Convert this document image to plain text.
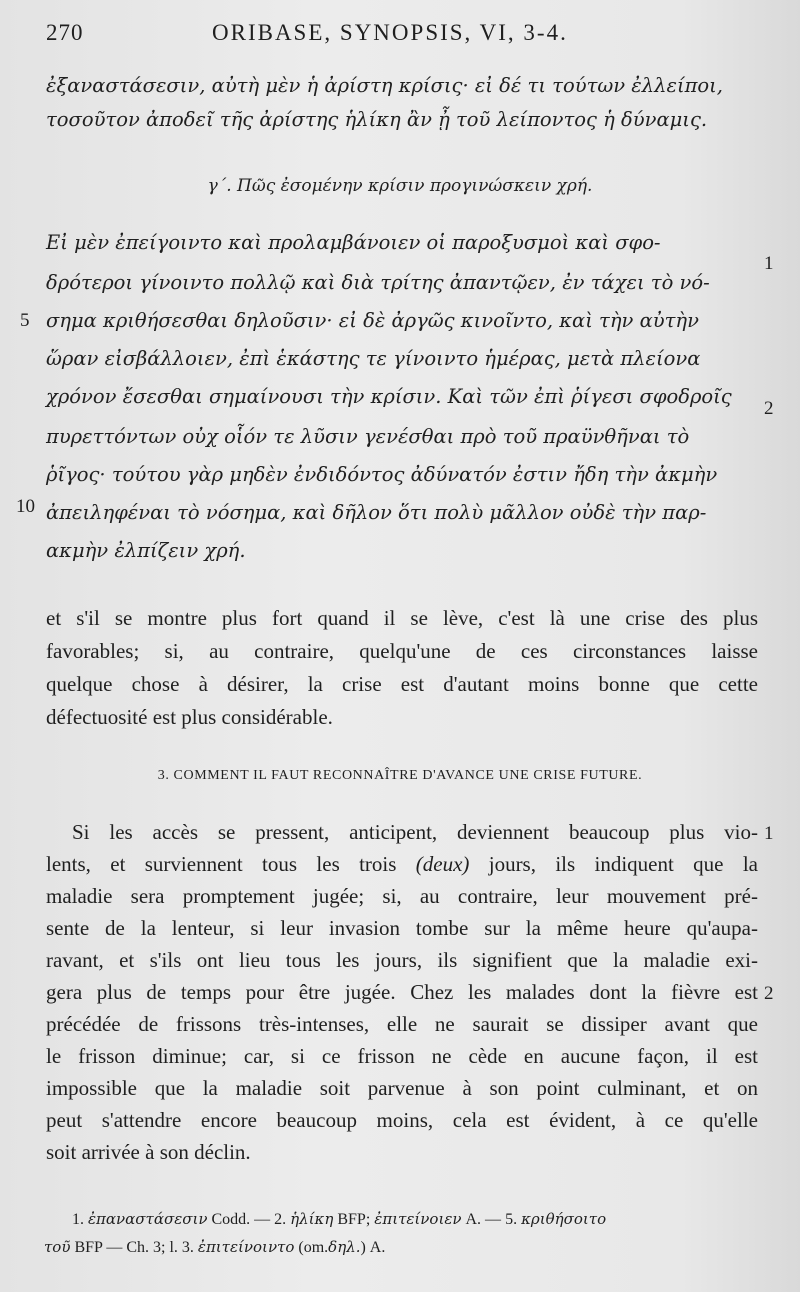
270	ORIBASE, SYNOPSIS, VI, 3-4.
ἐξαναστάσεσιν, αὐτὴ μὲν ἡ ἀρίστη κρίσις· εἰ δέ τι τούτων ἐλλείποι,
τοσοῦτον ἀποδεῖ τῆς ἀρίστης ἡλίκη ἂν ᾖ τοῦ λείποντος ἡ δύναμις.
γ΄. Πῶς ἐσομένην κρίσιν προγινώσκειν χρή.
Εἰ μὲν ἐπείγοιντο καὶ προλαμβάνοιεν οἱ παροξυσμοὶ καὶ σφο-
δρότεροι γίνοιντο πολλῷ καὶ διὰ τρίτης ἀπαντῷεν, ἐν τάχει τὸ νό-
σημα κριθήσεσθαι δηλοῦσιν· εἰ δὲ ἀργῶς κινοῖντο, καὶ τὴν αὐτὴν
ὥραν εἰσβάλλοιεν, ἐπὶ ἑκάστης τε γίνοιντο ἡμέρας, μετὰ πλείονα
χρόνον ἔσεσθαι σημαίνουσι τὴν κρίσιν. Καὶ τῶν ἐπὶ ῥίγεσι σφοδροῖς
πυρεττόντων οὐχ οἷόν τε λῦσιν γενέσθαι πρὸ τοῦ πραϋνθῆναι τὸ
ῥῖγος· τούτου γὰρ μηδὲν ἐνδιδόντος ἀδύνατόν ἐστιν ἤδη τὴν ἀκμὴν
ἀπειληφέναι τὸ νόσημα, καὶ δῆλον ὅτι πολὺ μᾶλλον οὐδὲ τὴν παρ-
ακμὴν ἐλπίζειν χρή.
5
10
1
2
et s'il se montre plus fort quand il se lève, c'est là une crise des plus
favorables; si, au contraire, quelqu'une de ces circonstances laisse
quelque chose à désirer, la crise est d'autant moins bonne que cette
défectuosité est plus considérable.
3. COMMENT IL FAUT RECONNAÎTRE D'AVANCE UNE CRISE FUTURE.
Si les accès se pressent, anticipent, deviennent beaucoup plus vio-
lents, et surviennent tous les trois (deux) jours, ils indiquent que la
maladie sera promptement jugée; si, au contraire, leur mouvement pré-
sente de la lenteur, si leur invasion tombe sur la même heure qu'aupa-
ravant, et s'ils ont lieu tous les jours, ils signifient que la maladie exi-
gera plus de temps pour être jugée. Chez les malades dont la fièvre est
précédée de frissons très-intenses, elle ne saurait se dissiper avant que
le frisson diminue; car, si ce frisson ne cède en aucune façon, il est
impossible que la maladie soit parvenue à son point culminant, et on
peut s'attendre encore beaucoup moins, cela est évident, à ce qu'elle
soit arrivée à son déclin.
1
2
1. ἐπαναστάσεσιν Codd. — 2. ἡλίκη BFP; ἐπιτείνοιεν A. — 5. κριθήσοιτο
τοῦ BFP — Ch. 3; l. 3. ἐπιτείνοιντο (om.δηλ.) A.
